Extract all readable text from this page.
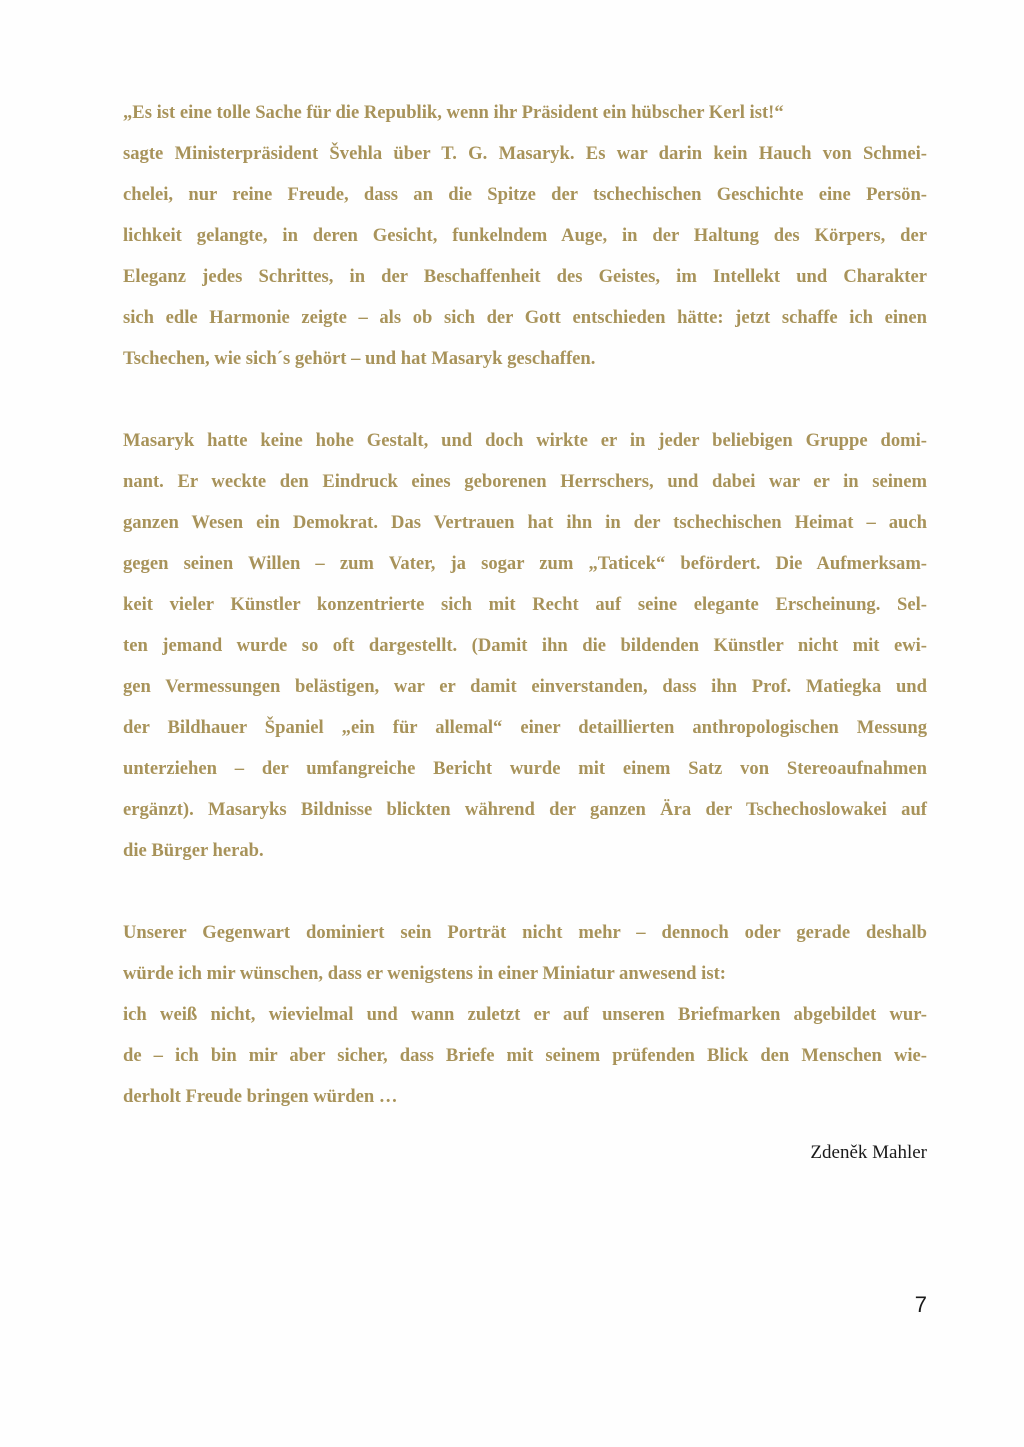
„Es ist eine tolle Sache für die Republik, wenn ihr Präsident ein hübscher Kerl ist!“
sagte Ministerpräsident Švehla über T. G. Masaryk. Es war darin kein Hauch von Schmei-
chelei, nur reine Freude, dass an die Spitze der tschechischen Geschichte eine Persön-
lichkeit gelangte, in deren Gesicht, funkelndem Auge, in der Haltung des Körpers, der
Eleganz jedes Schrittes, in der Beschaffenheit des Geistes, im Intellekt und Charakter
sich edle Harmonie zeigte – als ob sich der Gott entschieden hätte: jetzt schaffe ich einen
Tschechen, wie sich´s gehört – und hat Masaryk geschaffen.
Masaryk hatte keine hohe Gestalt, und doch wirkte er in jeder beliebigen Gruppe domi-
nant. Er weckte den Eindruck eines geborenen Herrschers, und dabei war er in seinem
ganzen Wesen ein Demokrat. Das Vertrauen hat ihn in der tschechischen Heimat – auch
gegen seinen Willen – zum Vater, ja sogar zum „Taticek“ befördert. Die Aufmerksam-
keit vieler Künstler konzentrierte sich mit Recht auf seine elegante Erscheinung. Sel-
ten jemand wurde so oft dargestellt. (Damit ihn die bildenden Künstler nicht mit ewi-
gen Vermessungen belästigen, war er damit einverstanden, dass ihn Prof. Matiegka und
der Bildhauer Španiel „ein für allemal“ einer detaillierten anthropologischen Messung
unterziehen – der umfangreiche Bericht wurde mit einem Satz von Stereoaufnahmen
ergänzt). Masaryks Bildnisse blickten während der ganzen Ära der Tschechoslowakei auf
die Bürger herab.
Unserer Gegenwart dominiert sein Porträt nicht mehr – dennoch oder gerade deshalb
würde ich mir wünschen, dass er wenigstens in einer Miniatur anwesend ist:
ich weiß nicht, wievielmal und wann zuletzt er auf unseren Briefmarken abgebildet wur-
de – ich bin mir aber sicher, dass Briefe mit seinem prüfenden Blick den Menschen wie-
derholt Freude bringen würden …
Zdeněk Mahler
7
